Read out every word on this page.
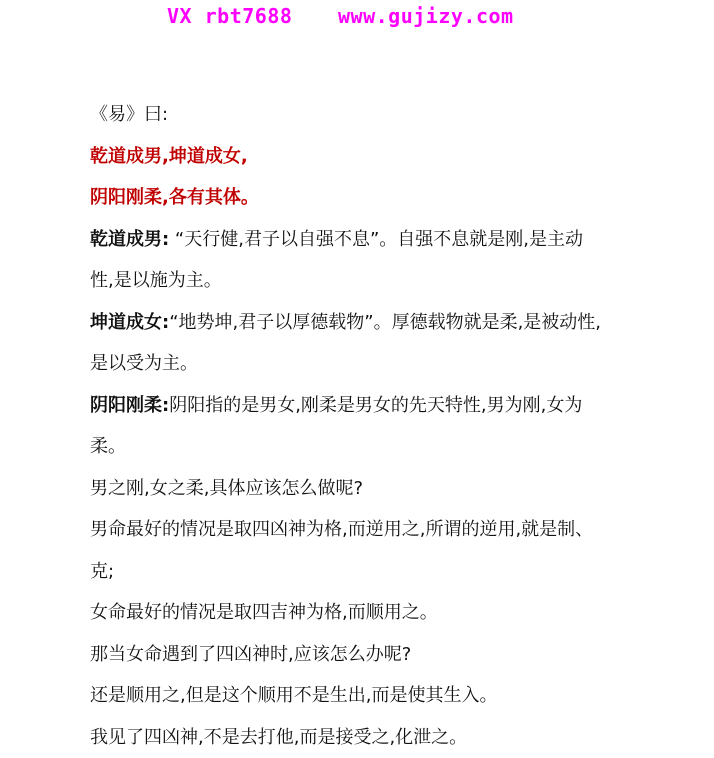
VX rbt7688 www.gujizy.com
《易》曰:
乾道成男,坤道成女,
阴阳刚柔,各有其体。
乾道成男: “天行健,君子以自强不息”。自强不息就是刚,是主动
性,是以施为主。
坤道成女:“地势坤,君子以厚德载物”。厚德载物就是柔,是被动性,
是以受为主。
阴阳刚柔:阴阳指的是男女,刚柔是男女的先天特性,男为刚,女为
柔。
男之刚,女之柔,具体应该怎么做呢?
男命最好的情况是取四凶神为格,而逆用之,所谓的逆用,就是制、
克;
女命最好的情况是取四吉神为格,而顺用之。
那当女命遇到了四凶神时,应该怎么办呢?
还是顺用之,但是这个顺用不是生出,而是使其生入。
我见了四凶神,不是去打他,而是接受之,化泄之。
